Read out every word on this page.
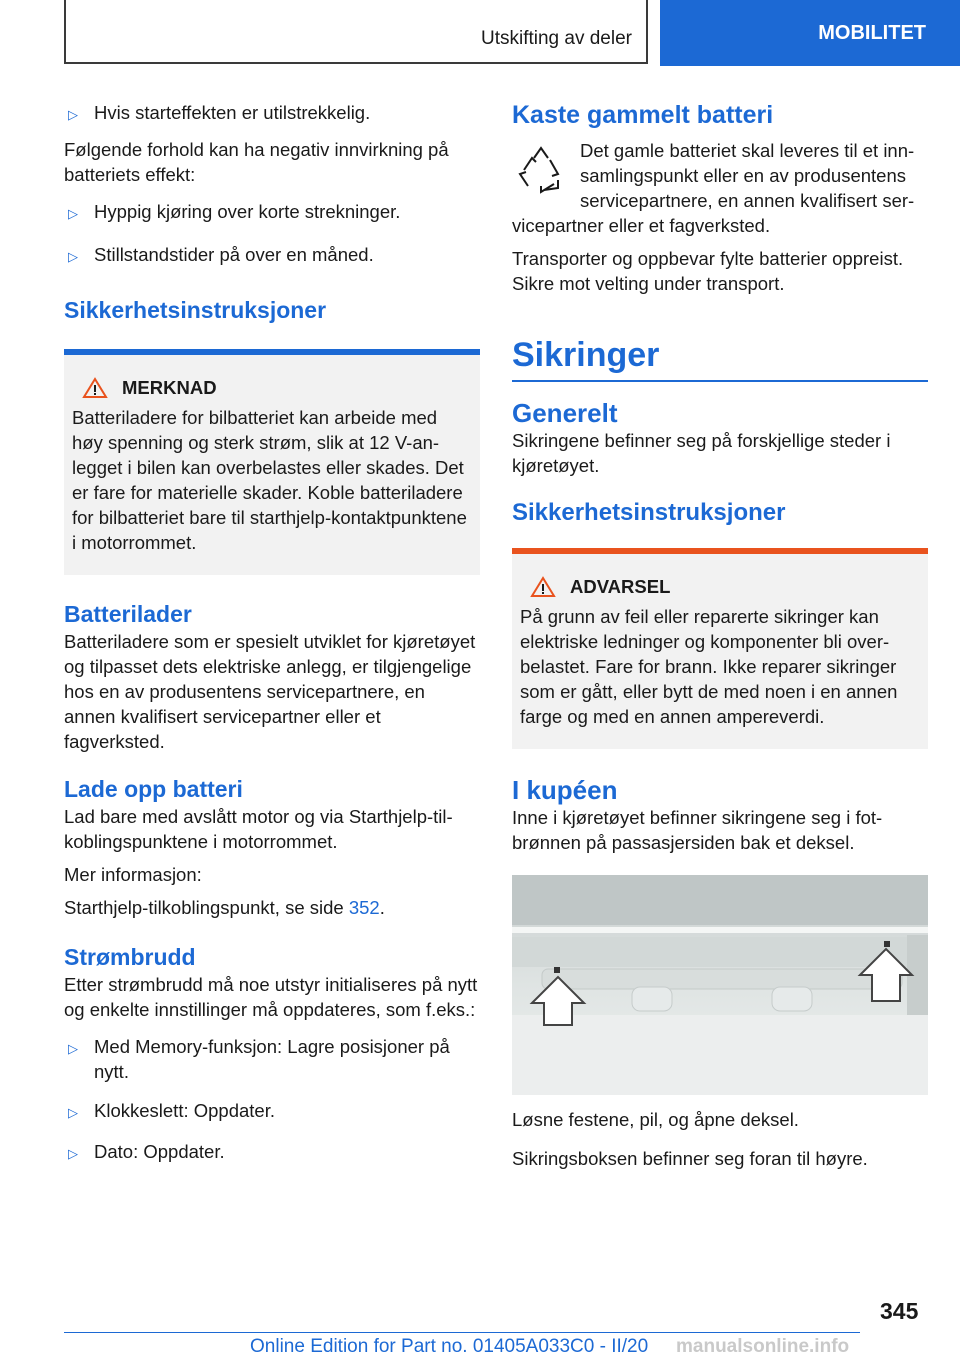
Utskifting av deler	MOBILITET
▷ Hvis starteffekten er utilstrekkelig.

Følgende forhold kan ha negativ innvirkning på batteriets effekt:

▷ Hyppig kjøring over korte strekninger.
▷ Stillstandstider på over en måned.
Sikkerhetsinstruksjoner
MERKNAD

Batteriladere for bilbatteriet kan arbeide med høy spenning og sterk strøm, slik at 12 V-anlegget i bilen kan overbelastes eller skades. Det er fare for materielle skader. Koble batteriladere for bilbatteriet bare til starthjelp-kontaktpunktene i motorrommet.

Batterilader

Batteriladere som er spesielt utviklet for kjøretøyet og tilpasset dets elektriske anlegg, er tilgjengelige hos en av produsentens servicepartnere, en annen kvalifisert servicepartner eller et fagverksted.

Lade opp batteri

Lad bare med avslått motor og via Starthjelp-tilkoblingspunktene i motorrommet.

Mer informasjon:

Starthjelp-tilkoblingspunkt, se side 352.

Strømbrudd

Etter strømbrudd må noe utstyr initialiseres på nytt og enkelte innstillinger må oppdateres, som f.eks.:

▷ Med Memory-funksjon: Lagre posisjoner på nytt.
▷ Klokkeslett: Oppdater.
▷ Dato: Oppdater.
Kaste gammelt batteri

Det gamle batteriet skal leveres til et innsamlingspunkt eller en av produsentens servicepartnere, en annen kvalifisert servicepartner eller et fagverksted.

Transporter og oppbevar fylte batterier oppreist. Sikre mot velting under transport.

Sikringer
Generelt

Sikringene befinner seg på forskjellige steder i kjøretøyet.

Sikkerhetsinstruksjoner
ADVARSEL

På grunn av feil eller reparerte sikringer kan elektriske ledninger og komponenter bli overbelastet. Fare for brann. Ikke reparer sikringer som er gått, eller bytt de med noen i en annen farge og med en annen ampereverdi.

I kupéen

Inne i kjøretøyet befinner sikringene seg i fotbrønnen på passasjersiden bak et deksel.

Løsne festene, pil, og åpne deksel.

Sikringsboksen befinner seg foran til høyre.

345
Online Edition for Part no. 01405A033C0 - II/20 manualsonline.info
